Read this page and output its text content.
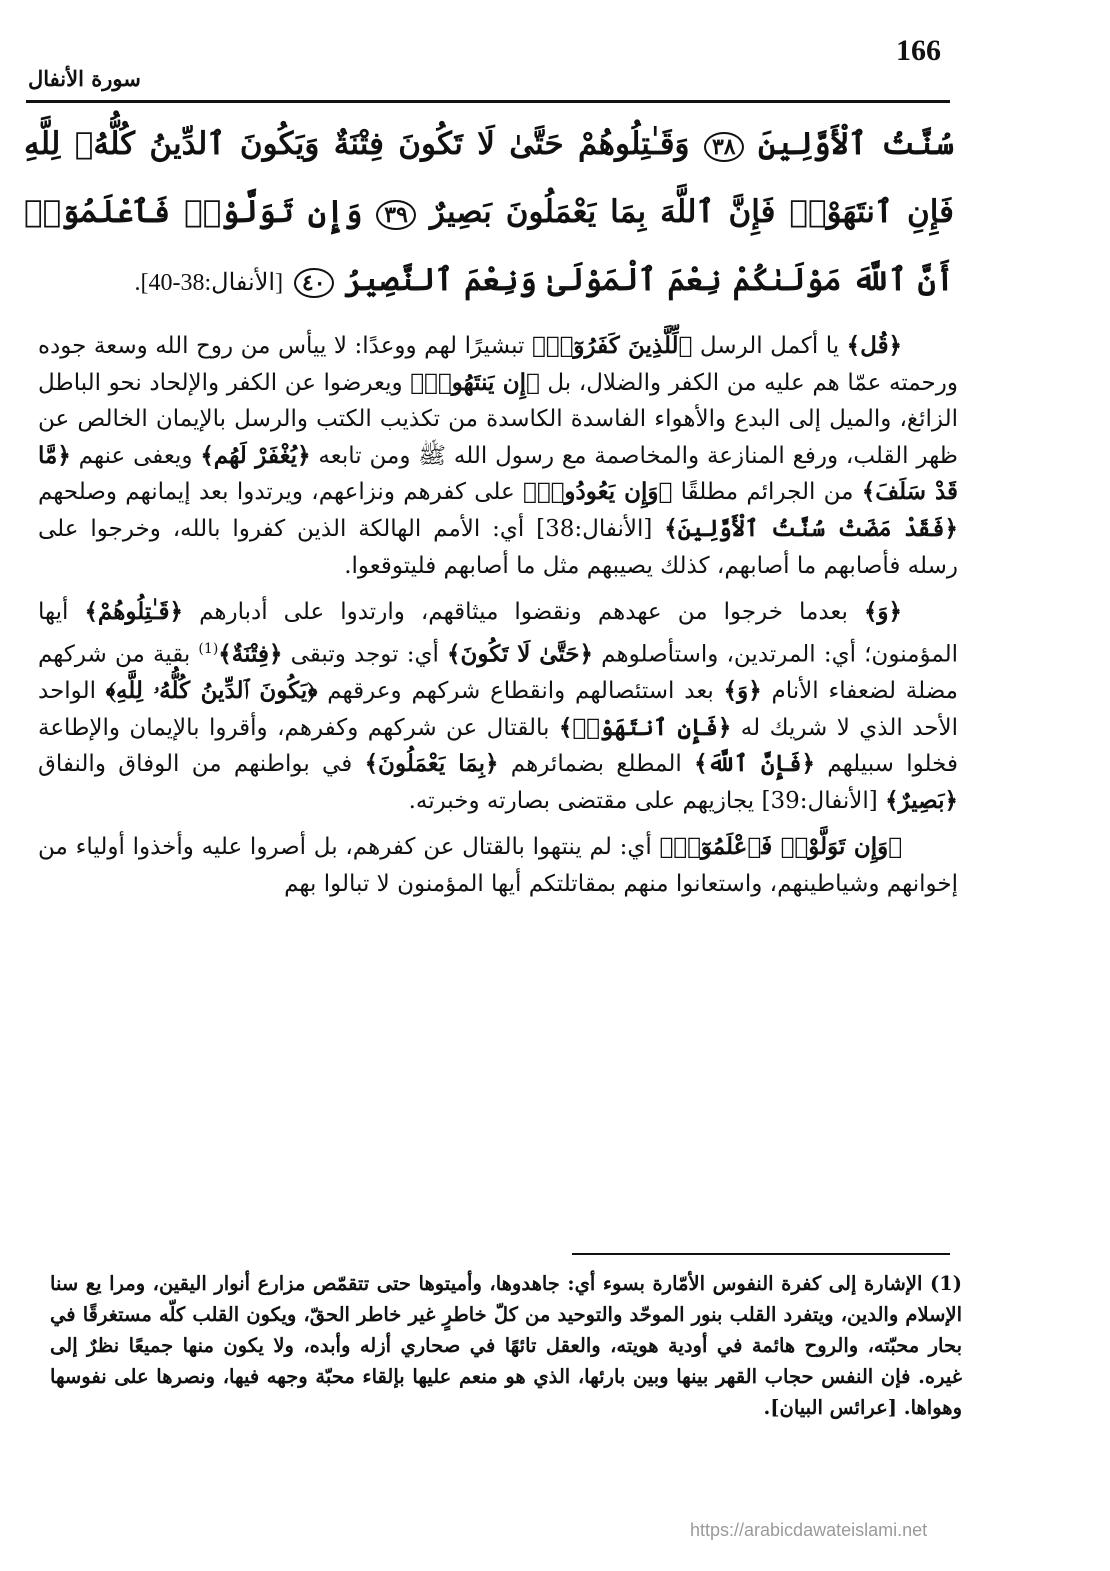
166
سورة الأنفال
سُنَّتُ ٱلْأَوَّلِينَ ٣٨ وَقَـٰتِلُوهُمْ حَتَّىٰ لَا تَكُونَ فِتْنَةٌ وَيَكُونَ ٱلدِّينُ كُلُّهُۥ لِلَّهِ فَإِنِ ٱنتَهَوْا۟ فَإِنَّ ٱللَّهَ بِمَا يَعْمَلُونَ بَصِيرٌ ٣٩ وَإِن تَوَلَّوْا۟ فَٱعْلَمُوٓا۟ أَنَّ ٱللَّهَ مَوْلَىٰكُمْ نِعْمَ ٱلْمَوْلَىٰ وَنِعْمَ ٱلنَّصِيرُ ٤٠ [الأنفال:38-40].

﴿قُل﴾ يا أكمل الرسل ﴿لِّلَّذِينَ كَفَرُوٓا۟﴾ تبشيرًا لهم ووعدًا: لا ييأس من روح الله وسعة جوده ورحمته عمّا هم عليه من الكفر والضلال، بل ﴿إِن يَنتَهُوا۟﴾ ويعرضوا عن الكفر والإلحاد نحو الباطل الزائغ، والميل إلى البدع والأهواء الفاسدة الكاسدة من تكذيب الكتب والرسل بالإيمان الخالص عن ظهر القلب، ورفع المنازعة والمخاصمة مع رسول الله ﷺ ومن تابعه ﴿يُغْفَرْ لَهُم﴾ ويعفى عنهم ﴿مَّا قَدْ سَلَفَ﴾ من الجرائم مطلقًا ﴿وَإِن يَعُودُوا۟﴾ على كفرهم ونزاعهم، ويرتدوا بعد إيمانهم وصلحهم ﴿فَقَدْ مَضَتْ سُنَّتُ ٱلْأَوَّلِينَ﴾ [الأنفال:38] أي: الأمم الهالكة الذين كفروا بالله، وخرجوا على رسله فأصابهم ما أصابهم، كذلك يصيبهم مثل ما أصابهم فليتوقعوا.

﴿وَ﴾ بعدما خرجوا من عهدهم ونقضوا ميثاقهم، وارتدوا على أدبارهم ﴿قَـٰتِلُوهُمْ﴾ أيها المؤمنون؛ أي: المرتدين، واستأصلوهم ﴿حَتَّىٰ لَا تَكُونَ﴾ أي: توجد وتبقى ﴿فِتْنَةٌ﴾$^{(1)}$ بقية من شركهم مضلة لضعفاء الأنام ﴿وَ﴾ بعد استئصالهم وانقطاع شركهم وعرقهم ﴿يَكُونَ ٱلدِّينُ كُلُّهُۥ لِلَّهِ﴾ الواحد الأحد الذي لا شريك له ﴿فَإِنِ ٱنتَهَوْا۟﴾ بالقتال عن شركهم وكفرهم، وأقروا بالإيمان والإطاعة فخلوا سبيلهم ﴿فَإِنَّ ٱللَّهَ﴾ المطلع بضمائرهم ﴿بِمَا يَعْمَلُونَ﴾ في بواطنهم من الوفاق والنفاق ﴿بَصِيرٌ﴾ [الأنفال:39] يجازيهم على مقتضى بصارته وخبرته.

﴿وَإِن تَوَلَّوْا۟ فَٱعْلَمُوٓا۟﴾ أي: لم ينتهوا بالقتال عن كفرهم، بل أصروا عليه وأخذوا أولياء من إخوانهم وشياطينهم، واستعانوا منهم بمقاتلتكم أيها المؤمنون لا تبالوا بهم

(1) الإشارة إلى كفرة النفوس الأمّارة بسوء أي: جاهدوها، وأميتوها حتى تتقمّص مزارع أنوار اليقين، ومرا يع سنا الإسلام والدين، ويتفرد القلب بنور الموحّد والتوحيد من كلّ خاطرٍ غير خاطر الحقّ، ويكون القلب كلّه مستغرقًا في بحار محبّته، والروح هائمة في أودية هويته، والعقل تائهًا في صحاري أزله وأبده، ولا يكون منها جميعًا نظرٌ إلى غيره. فإن النفس حجاب القهر بينها وبين بارئها، الذي هو منعم عليها بإلقاء محبّة وجهه فيها، ونصرها على نفوسها وهواها. [عرائس البيان].
https://arabicdawateislami.net
